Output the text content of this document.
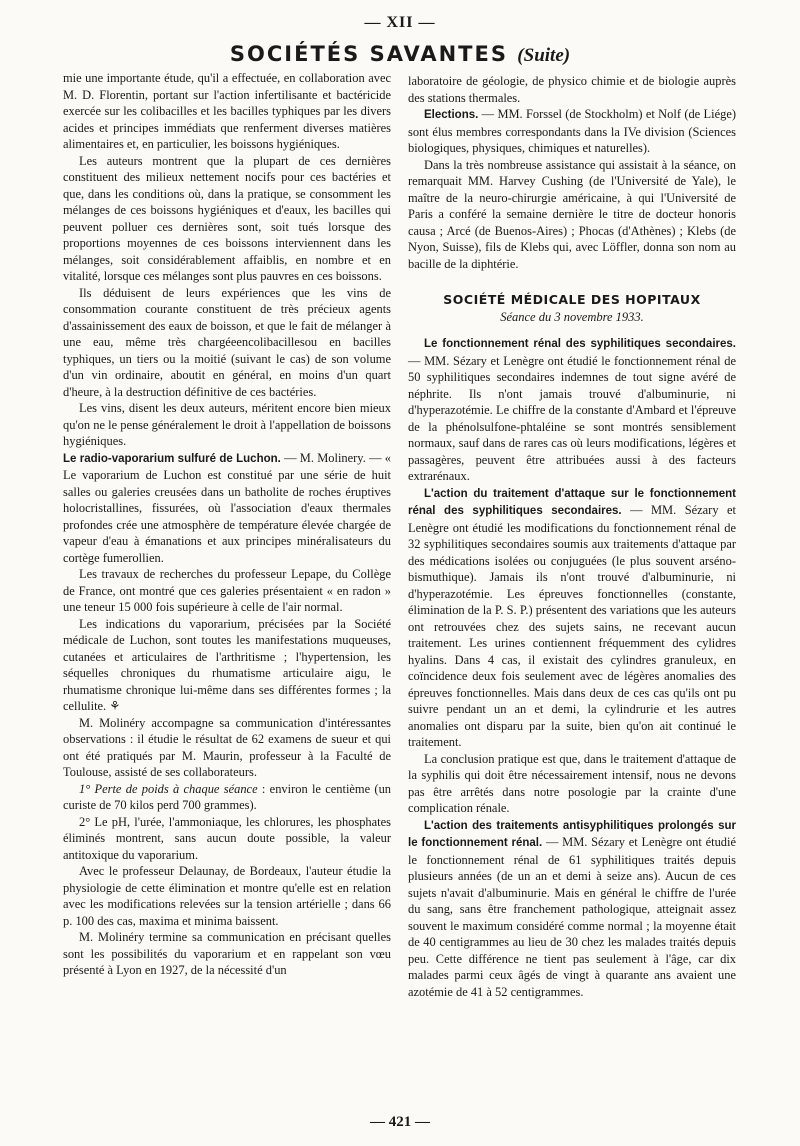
— XII —
SOCIÉTÉS SAVANTES (Suite)

mie une importante étude, qu'il a effectuée, en collaboration avec M. D. Florentin, portant sur l'action infertilisante et bactéricide exercée sur les colibacilles et les bacilles typhiques par les divers acides et principes immédiats que renferment diverses matières alimentaires et, en particulier, les boissons hygiéniques.

Les auteurs montrent que la plupart de ces dernières constituent des milieux nettement nocifs pour ces bactéries et que, dans les conditions où, dans la pratique, se consomment les mélanges de ces boissons hygiéniques et d'eaux, les bacilles qui peuvent polluer ces dernières sont, soit tués lorsque des proportions moyennes de ces boissons interviennent dans les mélanges, soit considérablement affaiblis, en nombre et en vitalité, lorsque ces mélanges sont plus pauvres en ces boissons.

Ils déduisent de leurs expériences que les vins de consommation courante constituent de très précieux agents d'assainissement des eaux de boisson, et que le fait de mélanger à une eau, même très chargéeencolibacillesou en bacilles typhiques, un tiers ou la moitié (suivant le cas) de son volume d'un vin ordinaire, aboutit en général, en moins d'un quart d'heure, à la destruction définitive de ces bactéries.

Les vins, disent les deux auteurs, méritent encore bien mieux qu'on ne le pense généralement le droit à l'appellation de boissons hygiéniques.

Le radio-vaporarium sulfuré de Luchon. — M. Molinery. — « Le vaporarium de Luchon est constitué par une série de huit salles ou galeries creusées dans un batholite de roches éruptives holocristallines, fissurées, où l'association d'eaux thermales profondes crée une atmosphère de température élevée chargée de vapeur d'eau à émanations et aux principes minéralisateurs du cortège fumerollien.

Les travaux de recherches du professeur Lepape, du Collège de France, ont montré que ces galeries présentaient « en radon » une teneur 15 000 fois supérieure à celle de l'air normal.

Les indications du vaporarium, précisées par la Société médicale de Luchon, sont toutes les manifestations muqueuses, cutanées et articulaires de l'arthritisme ; l'hypertension, les séquelles chroniques du rhumatisme articulaire aigu, le rhumatisme chronique lui-même dans ses différentes formes ; la cellulite. ⚘

M. Molinéry accompagne sa communication d'intéressantes observations : il étudie le résultat de 62 examens de sueur et qui ont été pratiqués par M. Maurin, professeur à la Faculté de Toulouse, assisté de ses collaborateurs.

1° Perte de poids à chaque séance : environ le centième (un curiste de 70 kilos perd 700 grammes).

2° Le pH, l'urée, l'ammoniaque, les chlorures, les phosphates éliminés montrent, sans aucun doute possible, la valeur antitoxique du vaporarium.

Avec le professeur Delaunay, de Bordeaux, l'auteur étudie la physiologie de cette élimination et montre qu'elle est en relation avec les modifications relevées sur la tension artérielle ; dans 66 p. 100 des cas, maxima et minima baissent.

M. Molinéry termine sa communication en précisant quelles sont les possibilités du vaporarium et en rappelant son vœu présenté à Lyon en 1927, de la nécessité d'un

laboratoire de géologie, de physico chimie et de biologie auprès des stations thermales.

Elections. — MM. Forssel (de Stockholm) et Nolf (de Liége) sont élus membres correspondants dans la IVe division (Sciences biologiques, physiques, chimiques et naturelles).

Dans la très nombreuse assistance qui assistait à la séance, on remarquait MM. Harvey Cushing (de l'Université de Yale), le maître de la neuro-chirurgie américaine, à qui l'Université de Paris a conféré la semaine dernière le titre de docteur honoris causa ; Arcé (de Buenos-Aires) ; Phocas (d'Athènes) ; Klebs (de Nyon, Suisse), fils de Klebs qui, avec Löffler, donna son nom au bacille de la diphtérie.

SOCIÉTÉ MÉDICALE DES HOPITAUX
Séance du 3 novembre 1933.

Le fonctionnement rénal des syphilitiques secondaires. — MM. Sézary et Lenègre ont étudié le fonctionnement rénal de 50 syphilitiques secondaires indemnes de tout signe avéré de néphrite. Ils n'ont jamais trouvé d'albuminurie, ni d'hyperazotémie. Le chiffre de la constante d'Ambard et l'épreuve de la phénolsulfone-phtaléine se sont montrés sensiblement normaux, sauf dans de rares cas où leurs modifications, légères et passagères, peuvent être attribuées aussi à des facteurs extrarénaux.

L'action du traitement d'attaque sur le fonctionnement rénal des syphilitiques secondaires. — MM. Sézary et Lenègre ont étudié les modifications du fonctionnement rénal de 32 syphilitiques secondaires soumis aux traitements d'attaque par des médications isolées ou conjuguées (le plus souvent arséno-bismuthique). Jamais ils n'ont trouvé d'albuminurie, ni d'hyperazotémie. Les épreuves fonctionnelles (constante, élimination de la P. S. P.) présentent des variations que les auteurs ont retrouvées chez des sujets sains, ne recevant aucun traitement. Les urines contiennent fréquemment des cylidres hyalins. Dans 4 cas, il existait des cylindres granuleux, en coïncidence deux fois seulement avec de légères anomalies des épreuves fonctionnelles. Mais dans deux de ces cas qu'ils ont pu suivre pendant un an et demi, la cylindrurie et les autres anomalies ont disparu par la suite, bien qu'on ait continué le traitement.

La conclusion pratique est que, dans le traitement d'attaque de la syphilis qui doit être nécessairement intensif, nous ne devons pas être arrêtés dans notre posologie par la crainte d'une complication rénale.

L'action des traitements antisyphilitiques prolongés sur le fonctionnement rénal. — MM. Sézary et Lenègre ont étudié le fonctionnement rénal de 61 syphilitiques traités depuis plusieurs années (de un an et demi à seize ans). Aucun de ces sujets n'avait d'albuminurie. Mais en général le chiffre de l'urée du sang, sans être franchement pathologique, atteignait assez souvent le maximum considéré comme normal ; la moyenne était de 40 centigrammes au lieu de 30 chez les malades traités depuis peu. Cette différence ne tient pas seulement à l'âge, car dix malades parmi ceux âgés de vingt à quarante ans avaient une azotémie de 41 à 52 centigrammes.

— 421 —
